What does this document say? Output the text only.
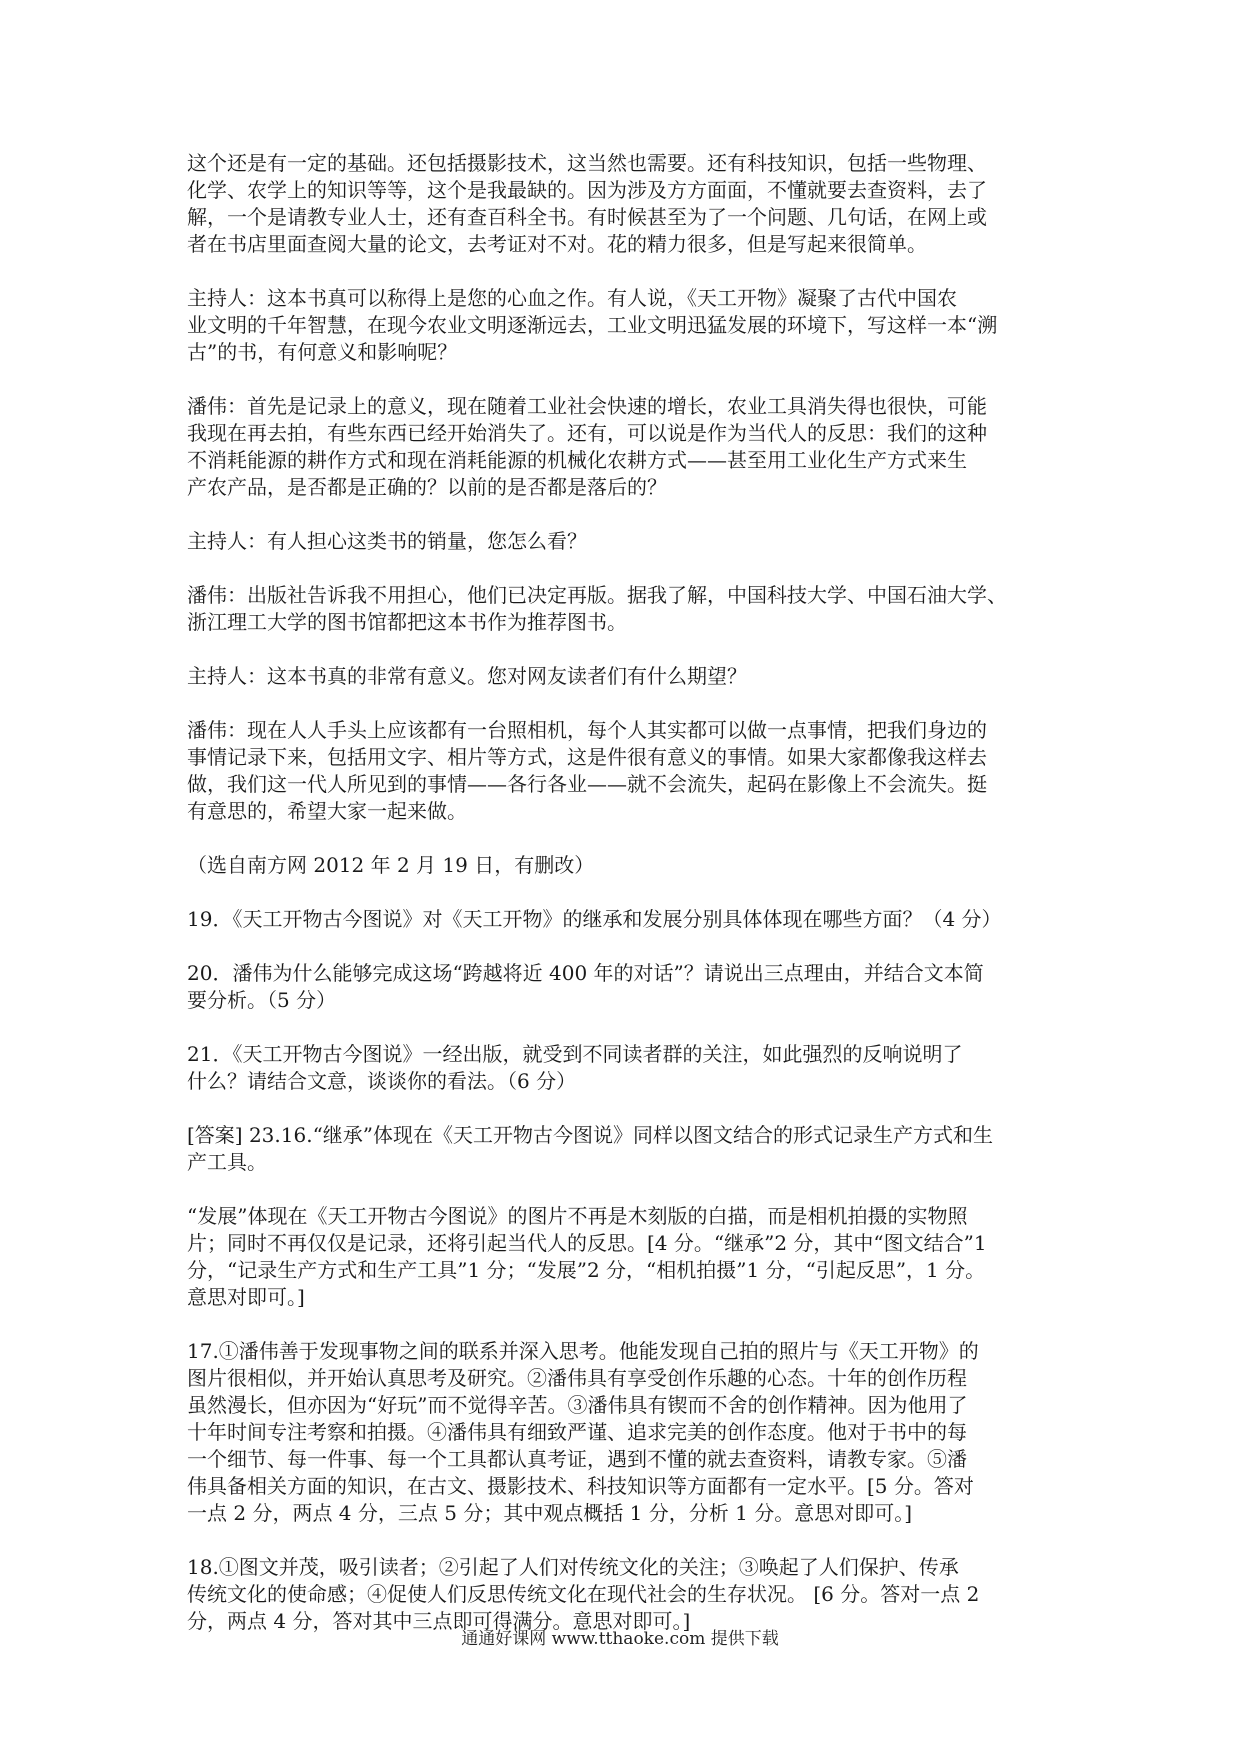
这个还是有一定的基础。还包括摄影技术，这当然也需要。还有科技知识，包括一些物理、
化学、农学上的知识等等，这个是我最缺的。因为涉及方方面面，不懂就要去查资料，去了
解，一个是请教专业人士，还有查百科全书。有时候甚至为了一个问题、几句话，在网上或
者在书店里面查阅大量的论文，去考证对不对。花的精力很多，但是写起来很简单。
主持人：这本书真可以称得上是您的心血之作。有人说，《天工开物》凝聚了古代中国农
业文明的千年智慧，在现今农业文明逐渐远去，工业文明迅猛发展的环境下，写这样一本“溯
古”的书，有何意义和影响呢？
潘伟：首先是记录上的意义，现在随着工业社会快速的增长，农业工具消失得也很快，可能
我现在再去拍，有些东西已经开始消失了。还有，可以说是作为当代人的反思：我们的这种
不消耗能源的耕作方式和现在消耗能源的机械化农耕方式——甚至用工业化生产方式来生
产农产品，是否都是正确的？以前的是否都是落后的？
主持人：有人担心这类书的销量，您怎么看？
潘伟：出版社告诉我不用担心，他们已决定再版。据我了解，中国科技大学、中国石油大学、
浙江理工大学的图书馆都把这本书作为推荐图书。
主持人：这本书真的非常有意义。您对网友读者们有什么期望？
潘伟：现在人人手头上应该都有一台照相机，每个人其实都可以做一点事情，把我们身边的
事情记录下来，包括用文字、相片等方式，这是件很有意义的事情。如果大家都像我这样去
做，我们这一代人所见到的事情——各行各业——就不会流失，起码在影像上不会流失。挺
有意思的，希望大家一起来做。
（选自南方网 2012 年 2 月 19 日，有删改）
19．《天工开物古今图说》对《天工开物》的继承和发展分别具体体现在哪些方面？（4 分）
20．潘伟为什么能够完成这场“跨越将近 400 年的对话”？请说出三点理由，并结合文本简
要分析。（5 分）
21．《天工开物古今图说》一经出版，就受到不同读者群的关注，如此强烈的反响说明了
什么？请结合文意，谈谈你的看法。（6 分）
[答案] 23.16.“继承”体现在《天工开物古今图说》同样以图文结合的形式记录生产方式和生
产工具。
“发展”体现在《天工开物古今图说》的图片不再是木刻版的白描，而是相机拍摄的实物照
片；同时不再仅仅是记录，还将引起当代人的反思。[4 分。“继承”2 分，其中“图文结合”1
分，“记录生产方式和生产工具”1 分；“发展”2 分，“相机拍摄”1 分，“引起反思”，1 分。
意思对即可。]
17.①潘伟善于发现事物之间的联系并深入思考。他能发现自己拍的照片与《天工开物》的
图片很相似，并开始认真思考及研究。②潘伟具有享受创作乐趣的心态。十年的创作历程
虽然漫长，但亦因为“好玩”而不觉得辛苦。③潘伟具有锲而不舍的创作精神。因为他用了
十年时间专注考察和拍摄。④潘伟具有细致严谨、追求完美的创作态度。他对于书中的每
一个细节、每一件事、每一个工具都认真考证，遇到不懂的就去查资料，请教专家。⑤潘
伟具备相关方面的知识，在古文、摄影技术、科技知识等方面都有一定水平。[5 分。答对
一点 2 分，两点 4 分，三点 5 分；其中观点概括 1 分，分析 1 分。意思对即可。]
18.①图文并茂，吸引读者；②引起了人们对传统文化的关注；③唤起了人们保护、传承
传统文化的使命感；④促使人们反思传统文化在现代社会的生存状况。 [6 分。答对一点 2
分，两点 4 分，答对其中三点即可得满分。意思对即可。]
通通好课网 www.tthaoke.com 提供下载
